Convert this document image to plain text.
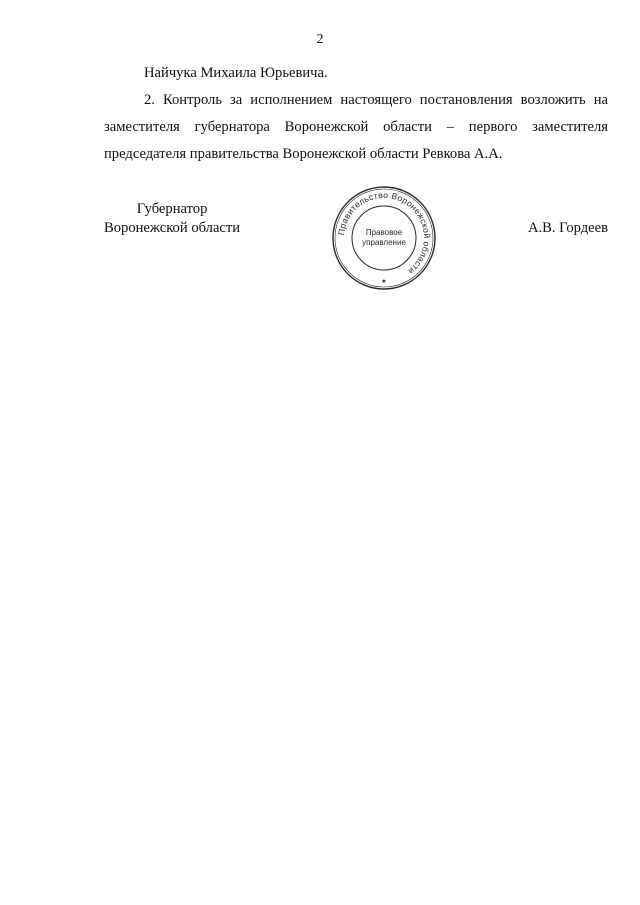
2
Найчука Михаила Юрьевича.
2. Контроль за исполнением настоящего постановления возложить на
заместителя губернатора Воронежской области – первого заместителя
председателя правительства Воронежской области Ревкова А.А.
Губернатор
Воронежской области	А.В. Гордеев
Правительство Воронежской области
Правовое
управление
★
